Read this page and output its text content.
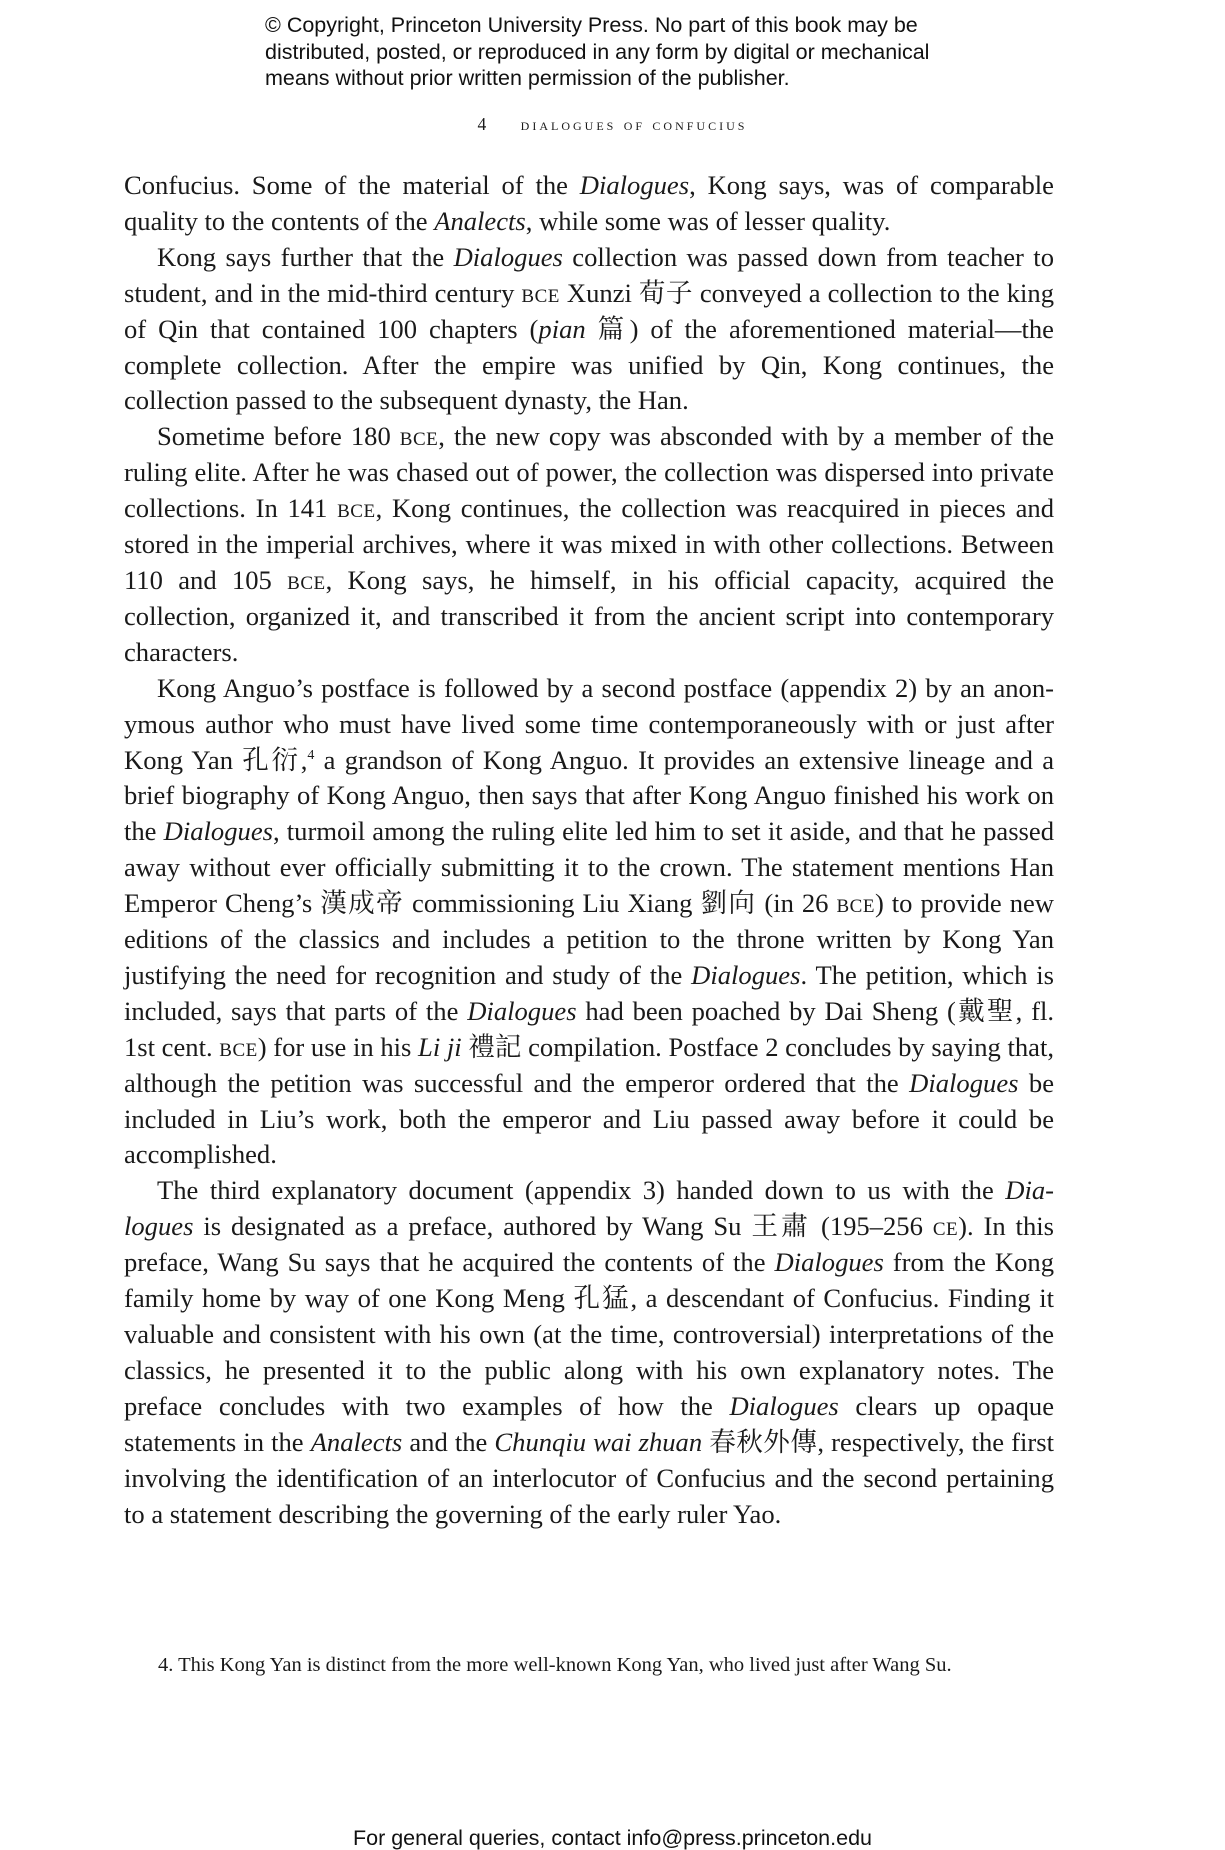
© Copyright, Princeton University Press. No part of this book may be
distributed, posted, or reproduced in any form by digital or mechanical
means without prior written permission of the publisher.
4 dialogues of confucius

Confucius. Some of the material of the Dialogues, Kong says, was of comparable quality to the contents of the Analects, while some was of lesser quality.

Kong says further that the Dialogues collection was passed down from teacher to student, and in the mid-third century bce Xunzi 荀子 conveyed a collection to the king of Qin that contained 100 chapters (pian 篇) of the aforementioned material—the complete collection. After the empire was unified by Qin, Kong continues, the collection passed to the subsequent dynasty, the Han.

Sometime before 180 bce, the new copy was absconded with by a member of the ruling elite. After he was chased out of power, the collection was dispersed into private collections. In 141 bce, Kong continues, the collection was reacquired in pieces and stored in the imperial archives, where it was mixed in with other collections. Between 110 and 105 bce, Kong says, he himself, in his official capacity, acquired the collection, organized it, and transcribed it from the ancient script into contemporary characters.

Kong Anguo’s postface is followed by a second postface (appendix 2) by an anonymous author who must have lived some time contemporaneously with or just after Kong Yan 孔衍,$^4$ a grandson of Kong Anguo. It provides an extensive lineage and a brief biography of Kong Anguo, then says that after Kong Anguo finished his work on the Dialogues, turmoil among the ruling elite led him to set it aside, and that he passed away without ever officially submitting it to the crown. The statement mentions Han Emperor Cheng’s 漢成帝 commissioning Liu Xiang 劉向 (in 26 bce) to provide new editions of the classics and includes a petition to the throne written by Kong Yan justifying the need for recognition and study of the Dialogues. The petition, which is included, says that parts of the Dialogues had been poached by Dai Sheng (戴聖, fl. 1st cent. bce) for use in his Li ji 禮記 compilation. Postface 2 concludes by saying that, although the petition was successful and the emperor ordered that the Dialogues be included in Liu’s work, both the emperor and Liu passed away before it could be accomplished.

The third explanatory document (appendix 3) handed down to us with the Dialogues is designated as a preface, authored by Wang Su 王肅 (195–256 ce). In this preface, Wang Su says that he acquired the contents of the Dialogues from the Kong family home by way of one Kong Meng 孔猛, a descendant of Confucius. Finding it valuable and consistent with his own (at the time, controversial) interpretations of the classics, he presented it to the public along with his own explanatory notes. The preface concludes with two examples of how the Dialogues clears up opaque statements in the Analects and the Chunqiu wai zhuan 春秋外傳, respectively, the first involving the identification of an interlocutor of Confucius and the second pertaining to a statement describing the governing of the early ruler Yao.

4. This Kong Yan is distinct from the more well-known Kong Yan, who lived just after Wang Su.
For general queries, contact info@press.princeton.edu
